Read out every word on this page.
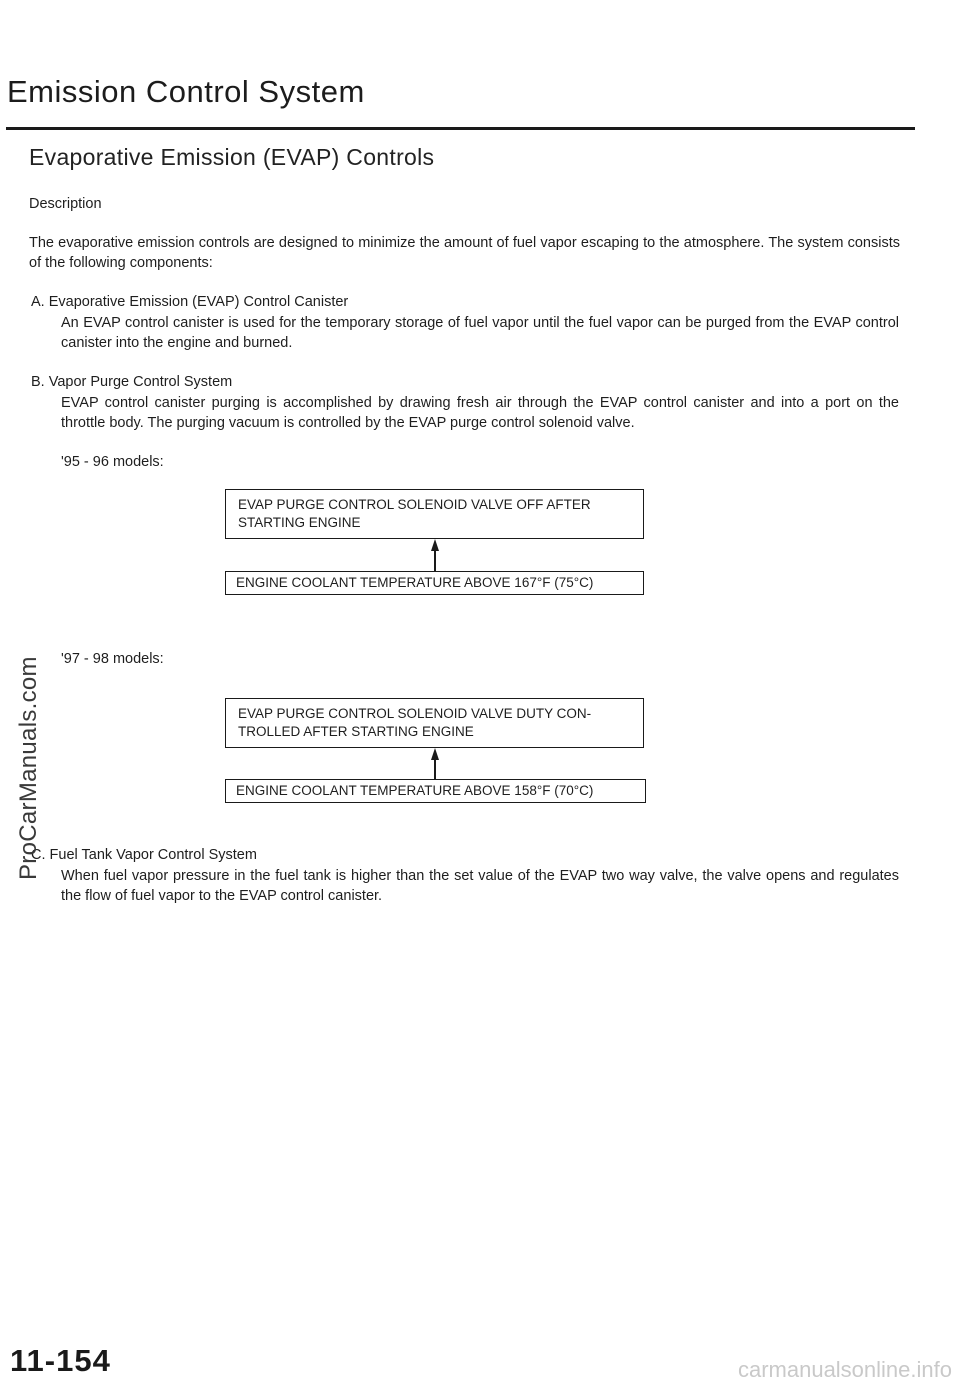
Emission Control System
Evaporative Emission (EVAP) Controls
Description
The evaporative emission controls are designed to minimize the amount of fuel vapor escaping to the atmosphere. The system consists of the following components:
A. Evaporative Emission (EVAP) Control Canister
An EVAP control canister is used for the temporary storage of fuel vapor until the fuel vapor can be purged from the EVAP control canister into the engine and burned.
B. Vapor Purge Control System
EVAP control canister purging is accomplished by drawing fresh air through the EVAP control canister and into a port on the throttle body. The purging vacuum is controlled by the EVAP purge control solenoid valve.
'95 - 96 models:
EVAP PURGE CONTROL SOLENOID VALVE OFF AFTER STARTING ENGINE
ENGINE COOLANT TEMPERATURE ABOVE 167°F (75°C)
'97 - 98 models:
EVAP PURGE CONTROL SOLENOID VALVE DUTY CON- TROLLED AFTER STARTING ENGINE
ENGINE COOLANT TEMPERATURE ABOVE 158°F (70°C)
C. Fuel Tank Vapor Control System
When fuel vapor pressure in the fuel tank is higher than the set value of the EVAP two way valve, the valve opens and regulates the flow of fuel vapor to the EVAP control canister.
ProCarManuals.com
11-154	carmanualsonline.info
